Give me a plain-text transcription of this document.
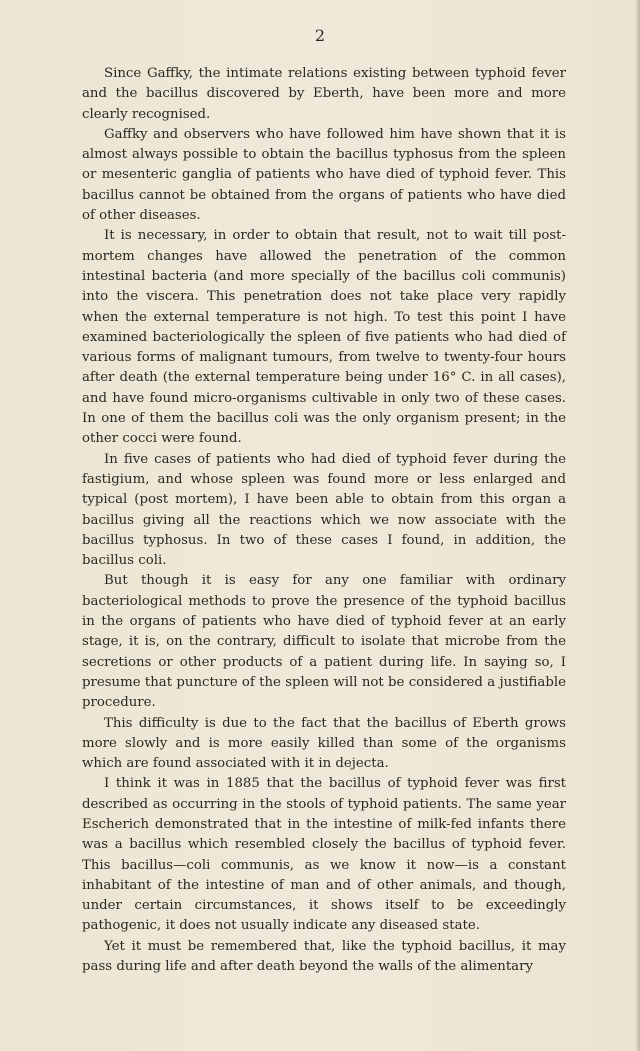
2

Since Gaffky, the intimate relations existing between typhoid fever and the bacillus discovered by Eberth, have been more and more clearly recognised.

Gaffky and observers who have followed him have shown that it is almost always possible to obtain the bacillus typhosus from the spleen or mesenteric ganglia of patients who have died of typhoid fever. This bacillus cannot be obtained from the organs of patients who have died of other diseases.

It is necessary, in order to obtain that result, not to wait till post-mortem changes have allowed the penetration of the common intestinal bacteria (and more specially of the bacillus coli communis) into the viscera. This penetration does not take place very rapidly when the external temperature is not high. To test this point I have examined bacteriologically the spleen of five patients who had died of various forms of malignant tumours, from twelve to twenty-four hours after death (the external temperature being under 16° C. in all cases), and have found micro-organisms cultivable in only two of these cases. In one of them the bacillus coli was the only organism present; in the other cocci were found.

In five cases of patients who had died of typhoid fever during the fastigium, and whose spleen was found more or less enlarged and typical (post mortem), I have been able to obtain from this organ a bacillus giving all the reactions which we now associate with the bacillus typhosus. In two of these cases I found, in addition, the bacillus coli.

But though it is easy for any one familiar with ordinary bacteriological methods to prove the presence of the typhoid bacillus in the organs of patients who have died of typhoid fever at an early stage, it is, on the contrary, difficult to isolate that microbe from the secretions or other products of a patient during life. In saying so, I presume that puncture of the spleen will not be considered a justifiable procedure.

This difficulty is due to the fact that the bacillus of Eberth grows more slowly and is more easily killed than some of the organisms which are found associated with it in dejecta.

I think it was in 1885 that the bacillus of typhoid fever was first described as occurring in the stools of typhoid patients. The same year Escherich demonstrated that in the intestine of milk-fed infants there was a bacillus which resembled closely the bacillus of typhoid fever. This bacillus—coli communis, as we know it now—is a constant inhabitant of the intestine of man and of other animals, and though, under certain circumstances, it shows itself to be exceedingly pathogenic, it does not usually indicate any diseased state.

Yet it must be remembered that, like the typhoid bacillus, it may pass during life and after death beyond the walls of the alimentary
